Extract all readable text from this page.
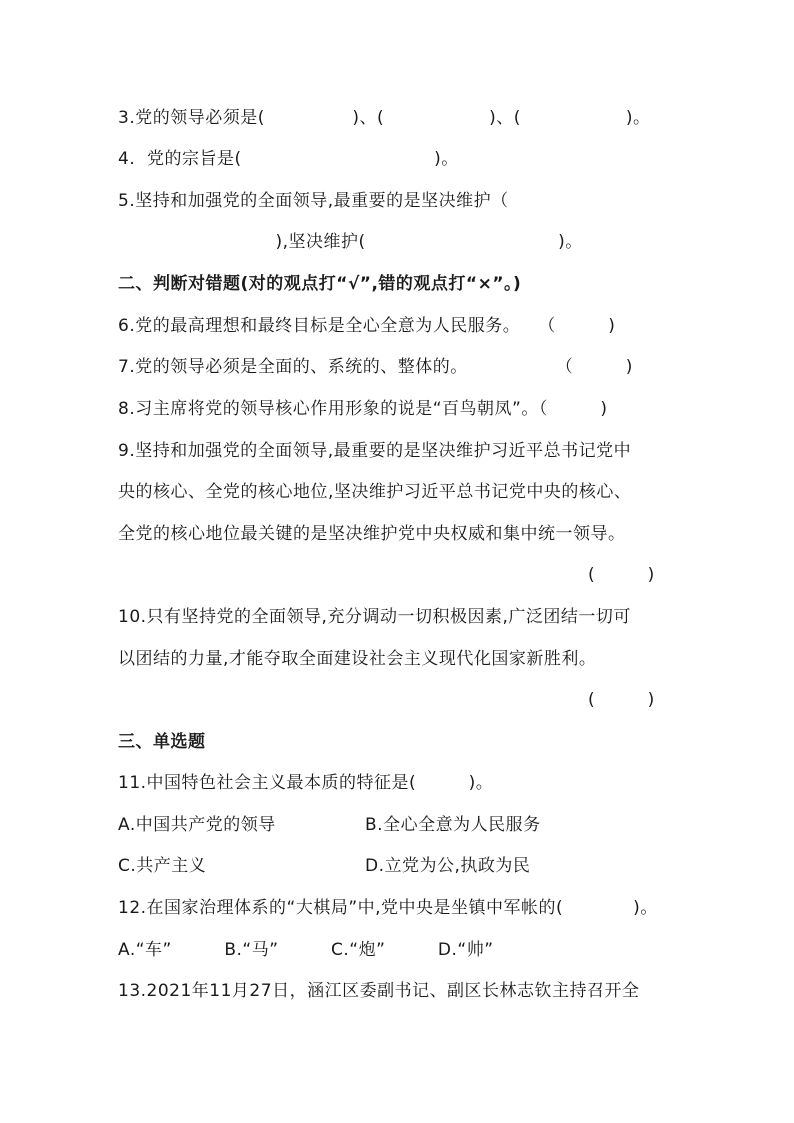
3.党的领导必须是(　　　　　)、(　　　　　　)、(　　　　　　)。
4.  党的宗旨是(　　　　　　　　　　　)。
5.坚持和加强党的全面领导,最重要的是坚决维护（
　　　　　　　　　),坚决维护(　　　　　　　　　　　)。
二、判断对错题(对的观点打“√”,错的观点打“×”。)
6.党的最高理想和最终目标是全心全意为人民服务。　　（　　　)
7.党的领导必须是全面的、系统的、整体的。　　　　　　（　　　)
8.习主席将党的领导核心作用形象的说是“百鸟朝凤”。（　　　)
9.坚持和加强党的全面领导,最重要的是坚决维护习近平总书记党中
央的核心、全党的核心地位,坚决维护习近平总书记党中央的核心、
全党的核心地位最关键的是坚决维护党中央权威和集中统一领导。
(　　　)
10.只有坚持党的全面领导,充分调动一切积极因素,广泛团结一切可
以团结的力量,才能夺取全面建设社会主义现代化国家新胜利。
(　　　)
三、单选题
11.中国特色社会主义最本质的特征是(　　　)。
A.中国共产党的领导	B.全心全意为人民服务
C.共产主义	D.立党为公,执政为民
12.在国家治理体系的“大棋局”中,党中央是坐镇中军帐的(　　　　)。
A.“车”　　　B.“马”　　　C.“炮”　　　D.“帅”
13.2021年11月27日，涵江区委副书记、副区长林志钦主持召开全
